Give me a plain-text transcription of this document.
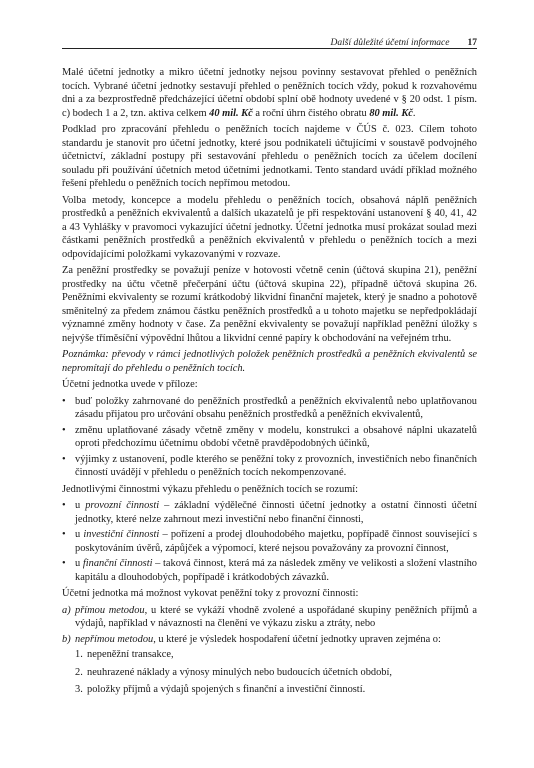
Další důležité účetní informace 17

Malé účetní jednotky a mikro účetní jednotky nejsou povinny sestavovat přehled o peněžních tocích. Vybrané účetní jednotky sestavují přehled o peněžních tocích vždy, pokud k rozvahovému dni a za bezprostředně předcházející účetní období splní obě hodnoty uvedené v § 20 odst. 1 písm. c) bodech 1 a 2, tzn. aktiva celkem 40 mil. Kč a roční úhrn čistého obratu 80 mil. Kč.

Podklad pro zpracování přehledu o peněžních tocích najdeme v ČÚS č. 023. Cílem tohoto standardu je stanovit pro účetní jednotky, které jsou podnikateli účtujícími v soustavě podvojného účetnictví, základní postupy při sestavování přehledu o peněžních tocích za účelem docílení souladu při používání účetních metod účetními jednotkami. Tento standard uvádí příklad možného řešení přehledu o peněžních tocích nepřímou metodou.

Volba metody, koncepce a modelu přehledu o peněžních tocích, obsahová náplň peněžních prostředků a peněžních ekvivalentů a dalších ukazatelů je při respektování ustanovení § 40, 41, 42 a 43 Vyhlášky v pravomoci vykazující účetní jednotky. Účetní jednotka musí prokázat soulad mezi částkami peněžních prostředků a peněžních ekvivalentů v přehledu o peněžních tocích a mezi odpovídajícími položkami vykazovanými v rozvaze.

Za peněžní prostředky se považují peníze v hotovosti včetně cenin (účtová skupina 21), peněžní prostředky na účtu včetně přečerpání účtu (účtová skupina 22), případně účtová skupina 26. Peněžními ekvivalenty se rozumí krátkodobý likvidní finanční majetek, který je snadno a pohotově směnitelný za předem známou částku peněžních prostředků a u tohoto majetku se nepředpokládají významné změny hodnoty v čase. Za peněžní ekvivalenty se považují například peněžní úložky s nejvýše tříměsíční výpovědní lhůtou a likvidní cenné papíry k obchodování na veřejném trhu.

Poznámka: převody v rámci jednotlivých položek peněžních prostředků a peněžních ekvivalentů se nepromítají do přehledu o peněžních tocích.

Účetní jednotka uvede v příloze:

• buď položky zahrnované do peněžních prostředků a peněžních ekvivalentů nebo uplatňovanou zásadu přijatou pro určování obsahu peněžních prostředků a peněžních ekvivalentů,
• změnu uplatňované zásady včetně změny v modelu, konstrukci a obsahové náplni ukazatelů oproti předchozímu účetnímu období včetně pravděpodobných účinků,
• výjimky z ustanovení, podle kterého se peněžní toky z provozních, investičních nebo finančních činností uvádějí v přehledu o peněžních tocích nekompenzované.

Jednotlivými činnostmi výkazu přehledu o peněžních tocích se rozumí:

• u provozní činnosti – základní výdělečné činnosti účetní jednotky a ostatní činnosti účetní jednotky, které nelze zahrnout mezi investiční nebo finanční činnosti,
• u investiční činnosti – pořízení a prodej dlouhodobého majetku, popřípadě činnost související s poskytováním úvěrů, zápůjček a výpomocí, které nejsou považovány za provozní činnost,
• u finanční činnosti – taková činnost, která má za následek změny ve velikosti a složení vlastního kapitálu a dlouhodobých, popřípadě i krátkodobých závazků.

Účetní jednotka má možnost vykovat peněžní toky z provozní činnosti:

a) přímou metodou, u které se vykáží vhodně zvolené a uspořádané skupiny peněžních příjmů a výdajů, například v návaznosti na členění ve výkazu zisku a ztráty, nebo
b) nepřímou metodou, u které je výsledek hospodaření účetní jednotky upraven zejména o:
1. nepeněžní transakce,
2. neuhrazené náklady a výnosy minulých nebo budoucích účetních období,
3. položky příjmů a výdajů spojených s finanční a investiční činností.
